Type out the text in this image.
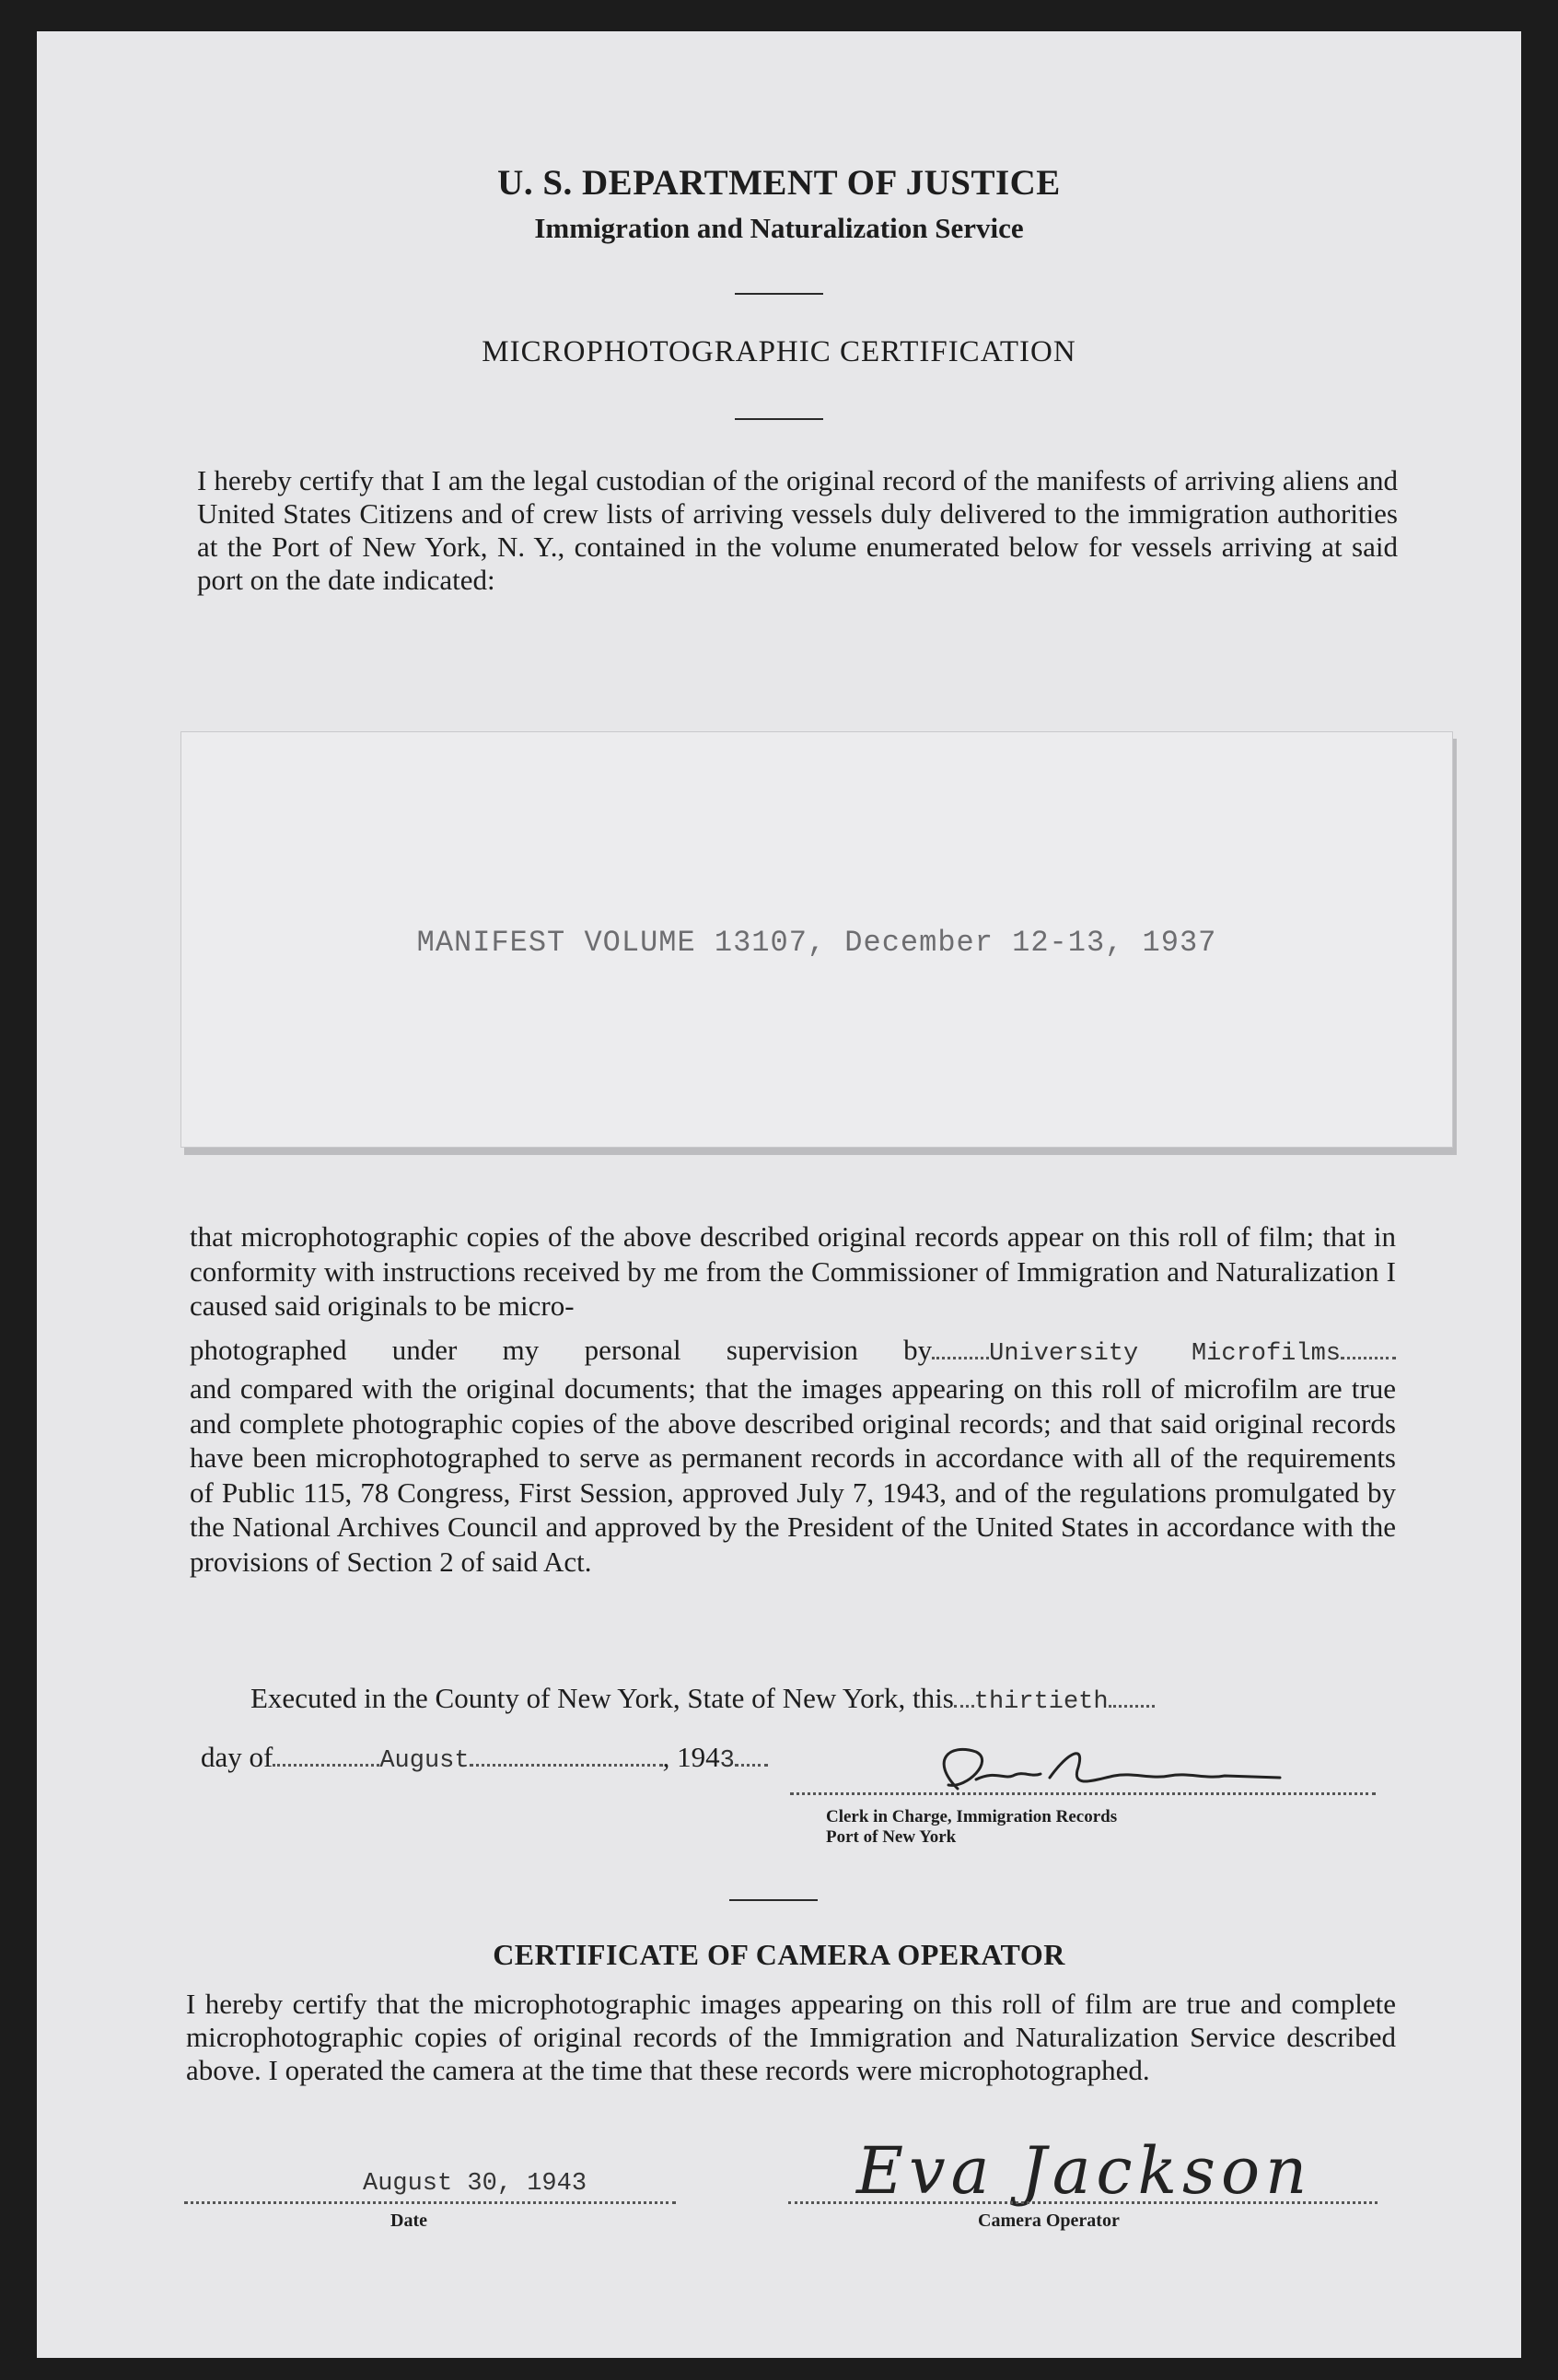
U. S. DEPARTMENT OF JUSTICE
Immigration and Naturalization Service
MICROPHOTOGRAPHIC CERTIFICATION
I hereby certify that I am the legal custodian of the original record of the manifests of arriving aliens and United States Citizens and of crew lists of arriving vessels duly delivered to the immigration authorities at the Port of New York, N. Y., contained in the volume enumerated below for vessels arriving at said port on the date indicated:
MANIFEST VOLUME 13107, December 12-13, 1937
that microphotographic copies of the above described original records appear on this roll of film; that in conformity with instructions received by me from the Commissioner of Immigration and Naturalization I caused said originals to be micro-
photographed under my personal supervision by University Microfilms
and compared with the original documents; that the images appearing on this roll of microfilm are true and complete photographic copies of the above described original records; and that said original records have been microphotographed to serve as permanent records in accordance with all of the requirements of Public 115, 78 Congress, First Session, approved July 7, 1943, and of the regulations promulgated by the National Archives Council and approved by the President of the United States in accordance with the provisions of Section 2 of said Act.
Executed in the County of New York, State of New York, this thirtieth
day of	August	, 1943
Clerk in Charge, Immigration Records
Port of New York
CERTIFICATE OF CAMERA OPERATOR
I hereby certify that the microphotographic images appearing on this roll of film are true and complete microphotographic copies of original records of the Immigration and Naturalization Service described above. I operated the camera at the time that these records were microphotographed.
August 30, 1943
Date
Eva Jackson
Camera Operator
